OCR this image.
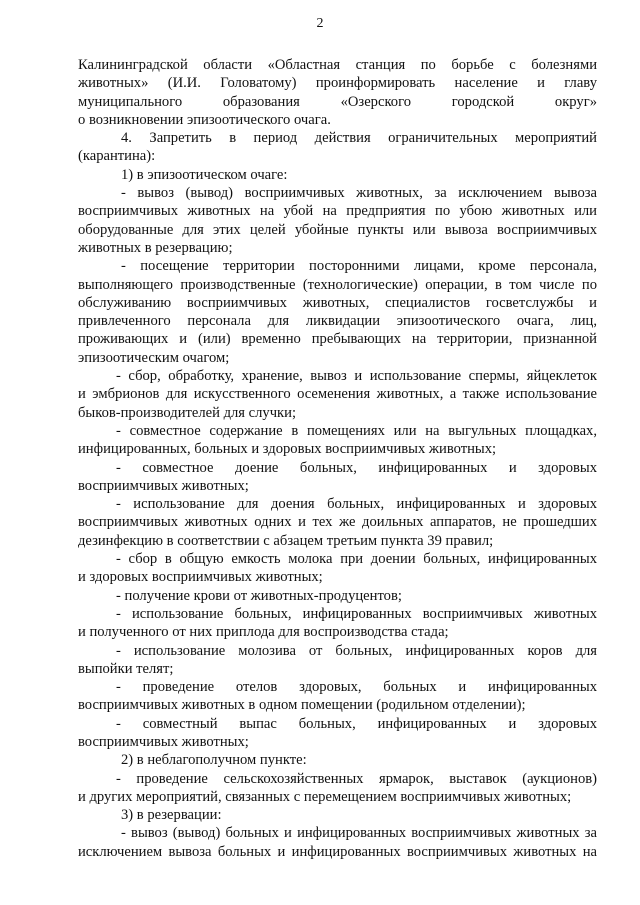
2
Калининградской области «Областная станция по борьбе с болезнями
животных» (И.И. Головатому) проинформировать население и главу
муниципального образования «Озерского городской округ»
о возникновении эпизоотического очага.
4. Запретить в период действия ограничительных мероприятий
(карантина):
1) в эпизоотическом очаге:
- вывоз (вывод) восприимчивых животных, за исключением вывоза
восприимчивых животных на убой на предприятия по убою животных или
оборудованные для этих целей убойные пункты или вывоза восприимчивых
животных в резервацию;
- посещение территории посторонними лицами, кроме персонала,
выполняющего производственные (технологические) операции, в том числе по
обслуживанию восприимчивых животных, специалистов госветслужбы и
привлеченного персонала для ликвидации эпизоотического очага, лиц,
проживающих и (или) временно пребывающих на территории, признанной
эпизоотическим очагом;
- сбор, обработку, хранение, вывоз и использование спермы, яйцеклеток
и эмбрионов для искусственного осеменения животных, а также использование
быков-производителей для случки;
- совместное содержание в помещениях или на выгульных площадках,
инфицированных, больных и здоровых восприимчивых животных;
- совместное доение больных, инфицированных и здоровых
восприимчивых животных;
- использование для доения больных, инфицированных и здоровых
восприимчивых животных одних и тех же доильных аппаратов, не прошедших
дезинфекцию в соответствии с абзацем третьим пункта 39 правил;
- сбор в общую емкость молока при доении больных, инфицированных
и здоровых восприимчивых животных;
- получение крови от животных-продуцентов;
- использование больных, инфицированных восприимчивых животных
и полученного от них приплода для воспроизводства стада;
- использование молозива от больных, инфицированных коров для
выпойки телят;
- проведение отелов здоровых, больных и инфицированных
восприимчивых животных в одном помещении (родильном отделении);
- совместный выпас больных, инфицированных и здоровых
восприимчивых животных;
2) в неблагополучном пункте:
- проведение сельскохозяйственных ярмарок, выставок (аукционов)
и других мероприятий, связанных с перемещением восприимчивых животных;
3) в резервации:
- вывоз (вывод) больных и инфицированных восприимчивых животных за
исключением вывоза больных и инфицированных восприимчивых животных на
